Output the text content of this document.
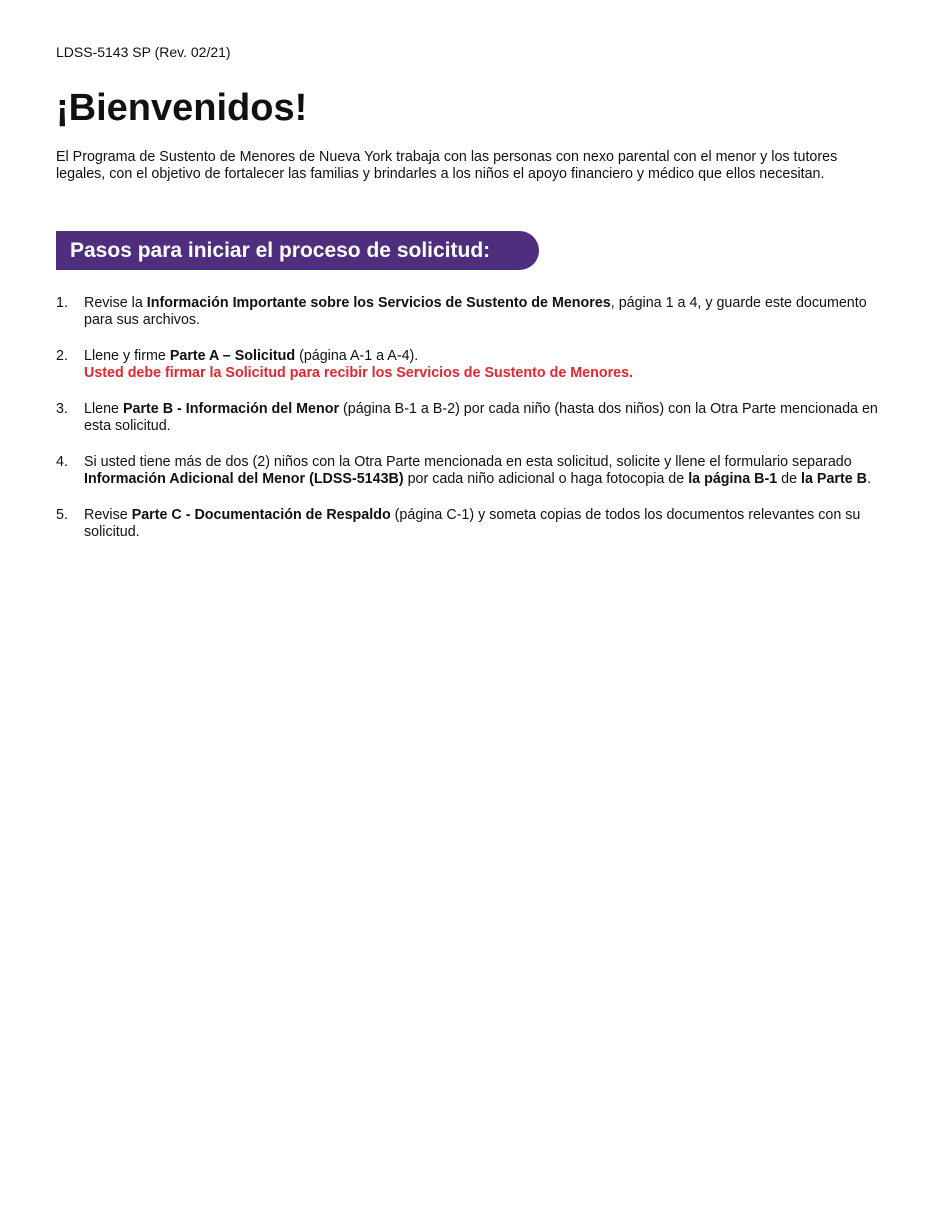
LDSS-5143 SP (Rev. 02/21)
¡Bienvenidos!

El Programa de Sustento de Menores de Nueva York trabaja con las personas con nexo parental con el menor y los tutores legales, con el objetivo de fortalecer las familias y brindarles a los niños el apoyo financiero y médico que ellos necesitan.

Pasos para iniciar el proceso de solicitud:
1. Revise la Información Importante sobre los Servicios de Sustento de Menores, página 1 a 4, y guarde este documento para sus archivos.
2. Llene y firme Parte A – Solicitud (página A-1 a A-4).
Usted debe firmar la Solicitud para recibir los Servicios de Sustento de Menores.
3. Llene Parte B - Información del Menor (página B-1 a B-2) por cada niño (hasta dos niños) con la Otra Parte mencionada en esta solicitud.
4. Si usted tiene más de dos (2) niños con la Otra Parte mencionada en esta solicitud, solicite y llene el formulario separado Información Adicional del Menor (LDSS-5143B) por cada niño adicional o haga fotocopia de la página B-1 de la Parte B.
5. Revise Parte C - Documentación de Respaldo (página C-1) y someta copias de todos los documentos relevantes con su solicitud.
